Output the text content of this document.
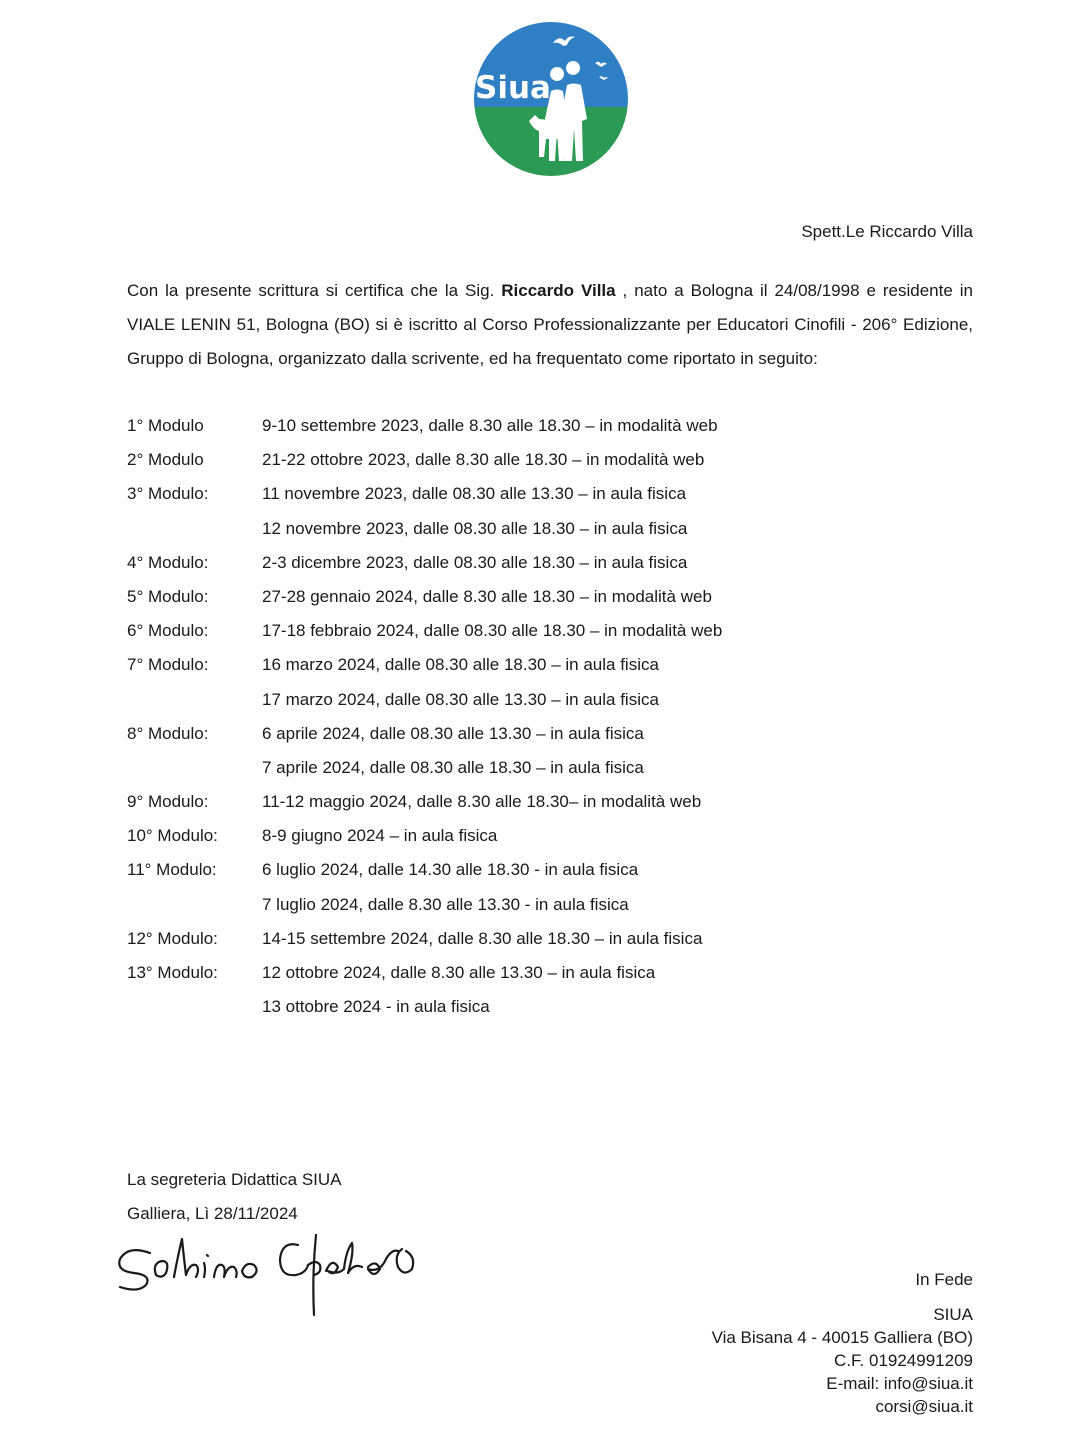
Siua
Spett.Le Riccardo Villa

Con la presente scrittura si certifica che la Sig. Riccardo Villa , nato a Bologna il 24/08/1998 e residente in VIALE LENIN 51, Bologna (BO) si è iscritto al Corso Professionalizzante per Educatori Cinofili - 206° Edizione, Gruppo di Bologna, organizzato dalla scrivente, ed ha frequentato come riportato in seguito:

1° Modulo	9-10 settembre 2023, dalle 8.30 alle 18.30 – in modalità web
2° Modulo	21-22 ottobre 2023, dalle 8.30 alle 18.30 – in modalità web
3° Modulo:	11 novembre 2023, dalle 08.30 alle 13.30 – in aula fisica
12 novembre 2023, dalle 08.30 alle 18.30 – in aula fisica
4° Modulo:	2-3 dicembre 2023, dalle 08.30 alle 18.30 – in aula fisica
5° Modulo:	27-28 gennaio 2024, dalle 8.30 alle 18.30 – in modalità web
6° Modulo:	17-18 febbraio 2024, dalle 08.30 alle 18.30 – in modalità web
7° Modulo:	16 marzo 2024, dalle 08.30 alle 18.30 – in aula fisica
17 marzo 2024, dalle 08.30 alle 13.30 – in aula fisica
8° Modulo:	6 aprile 2024, dalle 08.30 alle 13.30 – in aula fisica
7 aprile 2024, dalle 08.30 alle 18.30 – in aula fisica
9° Modulo:	11-12 maggio 2024, dalle 8.30 alle 18.30– in modalità web
10° Modulo:	8-9 giugno 2024 – in aula fisica
11° Modulo:	6 luglio 2024, dalle 14.30 alle 18.30 - in aula fisica
7 luglio 2024, dalle 8.30 alle 13.30 - in aula fisica
12° Modulo:	14-15 settembre 2024, dalle 8.30 alle 18.30 – in aula fisica
13° Modulo:	12 ottobre 2024, dalle 8.30 alle 13.30 – in aula fisica
13 ottobre 2024 - in aula fisica
La segreteria Didattica SIUA
Galliera, Lì 28/11/2024
In Fede
SIUA
Via Bisana 4 - 40015 Galliera (BO)
C.F. 01924991209
E-mail: info@siua.it
corsi@siua.it
